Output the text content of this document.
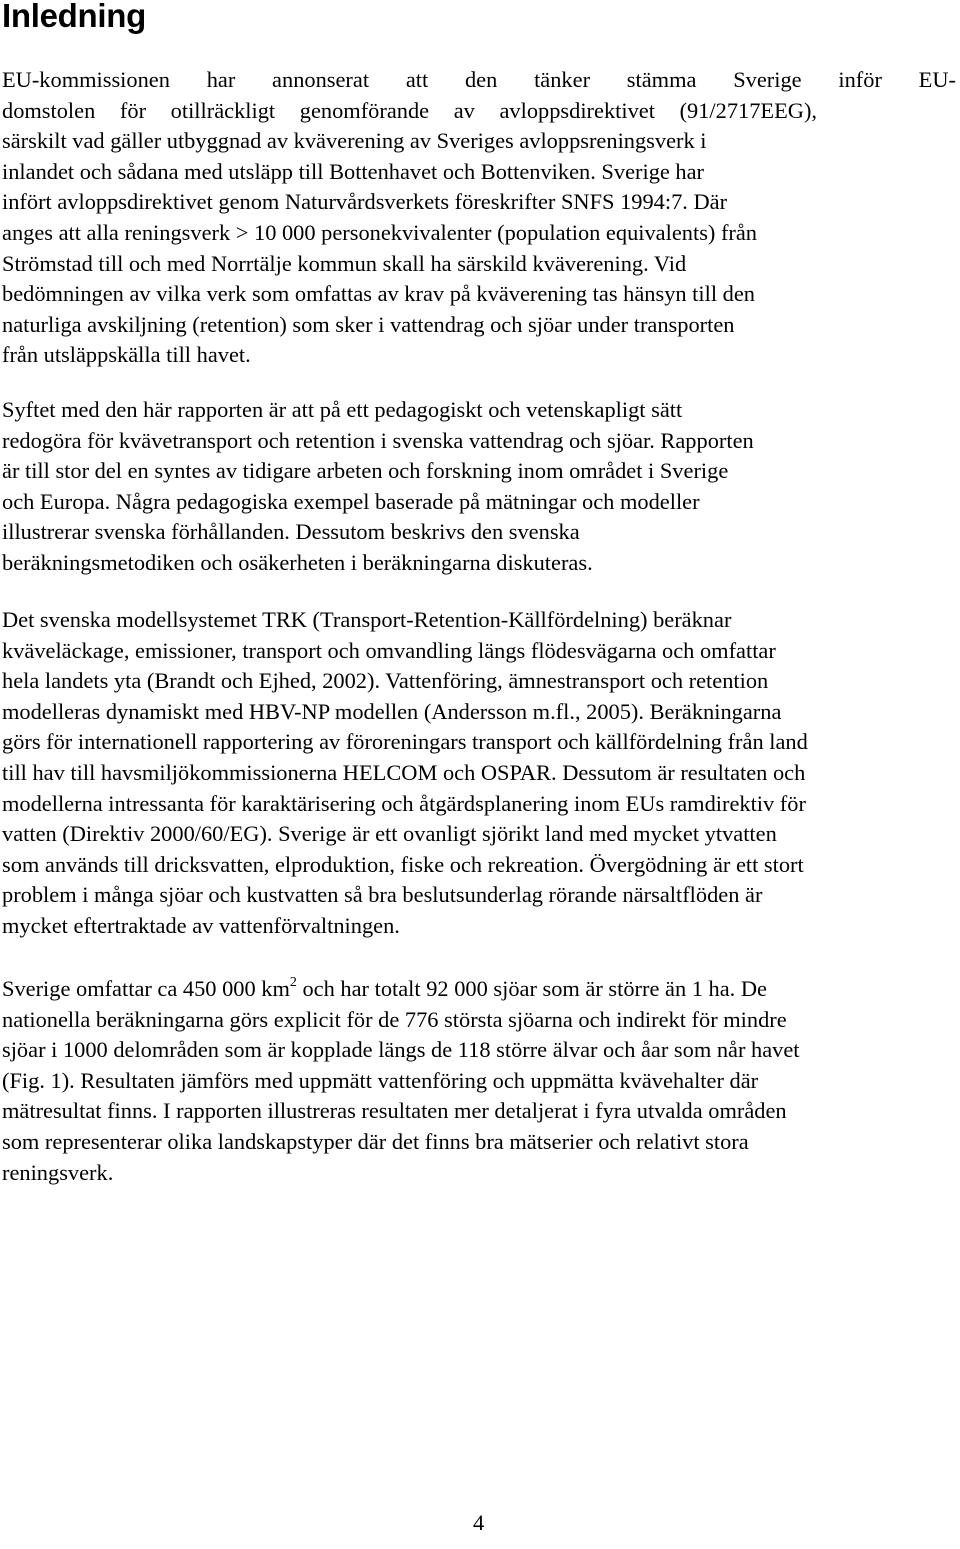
Inledning

EU-kommissionen har annonserat att den tänker stämma Sverige inför EU-
domstolen för otillräckligt genomförande av avloppsdirektivet (91/2717EEG),
särskilt vad gäller utbyggnad av kväverening av Sveriges avloppsreningsverk i
inlandet och sådana med utsläpp till Bottenhavet och Bottenviken. Sverige har
infört avloppsdirektivet genom Naturvårdsverkets föreskrifter SNFS 1994:7. Där
anges att alla reningsverk > 10 000 personekvivalenter (population equivalents) från
Strömstad till och med Norrtälje kommun skall ha särskild kväverening. Vid
bedömningen av vilka verk som omfattas av krav på kväverening tas hänsyn till den
naturliga avskiljning (retention) som sker i vattendrag och sjöar under transporten
från utsläppskälla till havet.

Syftet med den här rapporten är att på ett pedagogiskt och vetenskapligt sätt
redogöra för kvävetransport och retention i svenska vattendrag och sjöar. Rapporten
är till stor del en syntes av tidigare arbeten och forskning inom området i Sverige
och Europa. Några pedagogiska exempel baserade på mätningar och modeller
illustrerar svenska förhållanden. Dessutom beskrivs den svenska
beräkningsmetodiken och osäkerheten i beräkningarna diskuteras.

Det svenska modellsystemet TRK (Transport-Retention-Källfördelning) beräknar
kväveläckage, emissioner, transport och omvandling längs flödesvägarna och omfattar
hela landets yta (Brandt och Ejhed, 2002). Vattenföring, ämnestransport och retention
modelleras dynamiskt med HBV-NP modellen (Andersson m.fl., 2005). Beräkningarna
görs för internationell rapportering av föroreningars transport och källfördelning från land
till hav till havsmiljökommissionerna HELCOM och OSPAR. Dessutom är resultaten och
modellerna intressanta för karaktärisering och åtgärdsplanering inom EUs ramdirektiv för
vatten (Direktiv 2000/60/EG). Sverige är ett ovanligt sjörikt land med mycket ytvatten
som används till dricksvatten, elproduktion, fiske och rekreation. Övergödning är ett stort
problem i många sjöar och kustvatten så bra beslutsunderlag rörande närsaltflöden är
mycket eftertraktade av vattenförvaltningen.

Sverige omfattar ca 450 000 $km^2$ och har totalt 92 000 sjöar som är större än 1 ha. De
nationella beräkningarna görs explicit för de 776 största sjöarna och indirekt för mindre
sjöar i 1000 delområden som är kopplade längs de 118 större älvar och åar som når havet
(Fig. 1). Resultaten jämförs med uppmätt vattenföring och uppmätta kvävehalter där
mätresultat finns. I rapporten illustreras resultaten mer detaljerat i fyra utvalda områden
som representerar olika landskapstyper där det finns bra mätserier och relativt stora
reningsverk.

4
